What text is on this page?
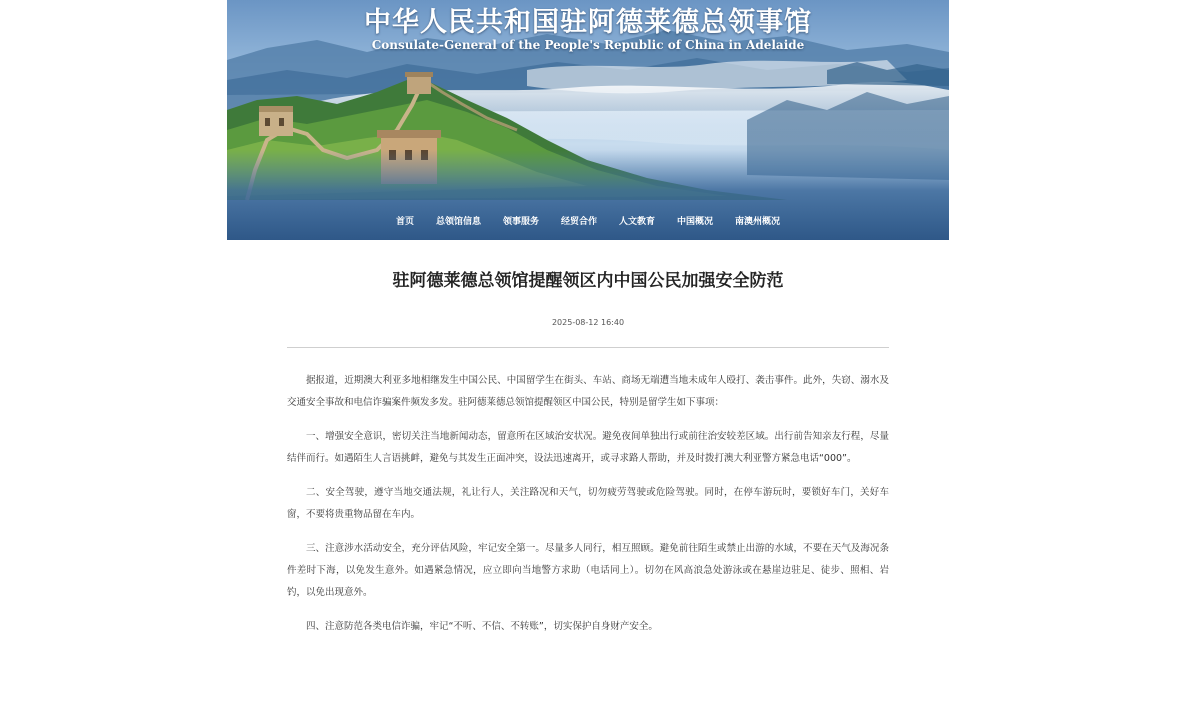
中华人民共和国驻阿德莱德总领事馆
Consulate-General of the People's Republic of China in Adelaide
首页 总领馆信息 领事服务 经贸合作 人文教育 中国概况 南澳州概况
驻阿德莱德总领馆提醒领区内中国公民加强安全防范
2025-08-12 16:40

据报道，近期澳大利亚多地相继发生中国公民、中国留学生在街头、车站、商场无端遭当地未成年人殴打、袭击事件。此外，失窃、溺水及交通安全事故和电信诈骗案件频发多发。驻阿德莱德总领馆提醒领区中国公民，特别是留学生如下事项：

一、增强安全意识，密切关注当地新闻动态，留意所在区域治安状况。避免夜间单独出行或前往治安较差区域。出行前告知亲友行程，尽量结伴而行。如遇陌生人言语挑衅，避免与其发生正面冲突，设法迅速离开，或寻求路人帮助，并及时拨打澳大利亚警方紧急电话“000”。

二、安全驾驶，遵守当地交通法规，礼让行人，关注路况和天气，切勿疲劳驾驶或危险驾驶。同时，在停车游玩时，要锁好车门，关好车窗，不要将贵重物品留在车内。

三、注意涉水活动安全，充分评估风险，牢记安全第一。尽量多人同行，相互照顾。避免前往陌生或禁止出游的水域，不要在天气及海况条件差时下海，以免发生意外。如遇紧急情况，应立即向当地警方求助（电话同上）。切勿在风高浪急处游泳或在悬崖边驻足、徒步、照相、岩钓，以免出现意外。

四、注意防范各类电信诈骗，牢记“不听、不信、不转账”，切实保护自身财产安全。
